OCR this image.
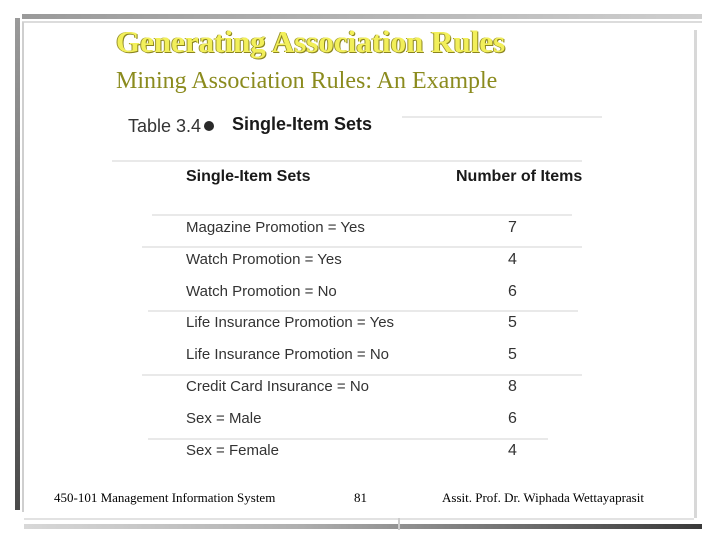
Generating Association Rules
Mining Association Rules: An Example
Table 3.4 Single-Item Sets
Single-Item Sets	Number of Items
Magazine Promotion = Yes	7
Watch Promotion = Yes	4
Watch Promotion = No	6
Life Insurance Promotion = Yes	5
Life Insurance Promotion = No	5
Credit Card Insurance = No	8
Sex = Male	6
Sex = Female	4
450-101 Management Information System	81	Assit. Prof. Dr. Wiphada Wettayaprasit
